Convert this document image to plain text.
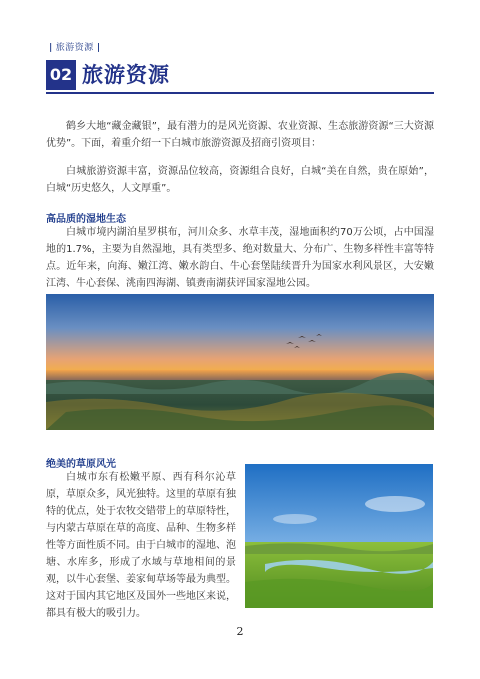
| 旅游资源 |
02 旅游资源

鹤乡大地“藏金藏银”，最有潜力的是风光资源、农业资源、生态旅游资源“三大资源优势”。下面，着重介绍一下白城市旅游资源及招商引资项目：

白城旅游资源丰富，资源品位较高，资源组合良好，白城“美在自然，贵在原始”，白城“历史悠久，人文厚重”。

高品质的湿地生态

白城市境内湖泊星罗棋布，河川众多、水草丰茂，湿地面积约70万公顷，占中国湿地的1.7%，主要为自然湿地，具有类型多、绝对数量大、分布广、生物多样性丰富等特点。近年来，向海、嫩江湾、嫩水韵白、牛心套堡陆续晋升为国家水利风景区，大安嫩江湾、牛心套保、洮南四海湖、镇赉南湖获评国家湿地公园。

绝美的草原风光

白城市东有松嫩平原、西有科尔沁草原，草原众多，风光独特。这里的草原有独特的优点，处于农牧交错带上的草原特性，与内蒙古草原在草的高度、品种、生物多样性等方面性质不同。由于白城市的湿地、泡塘、水库多，形成了水域与草地相间的景观，以牛心套堡、姜家甸草场等最为典型。这对于国内其它地区及国外一些地区来说，都具有极大的吸引力。

2
